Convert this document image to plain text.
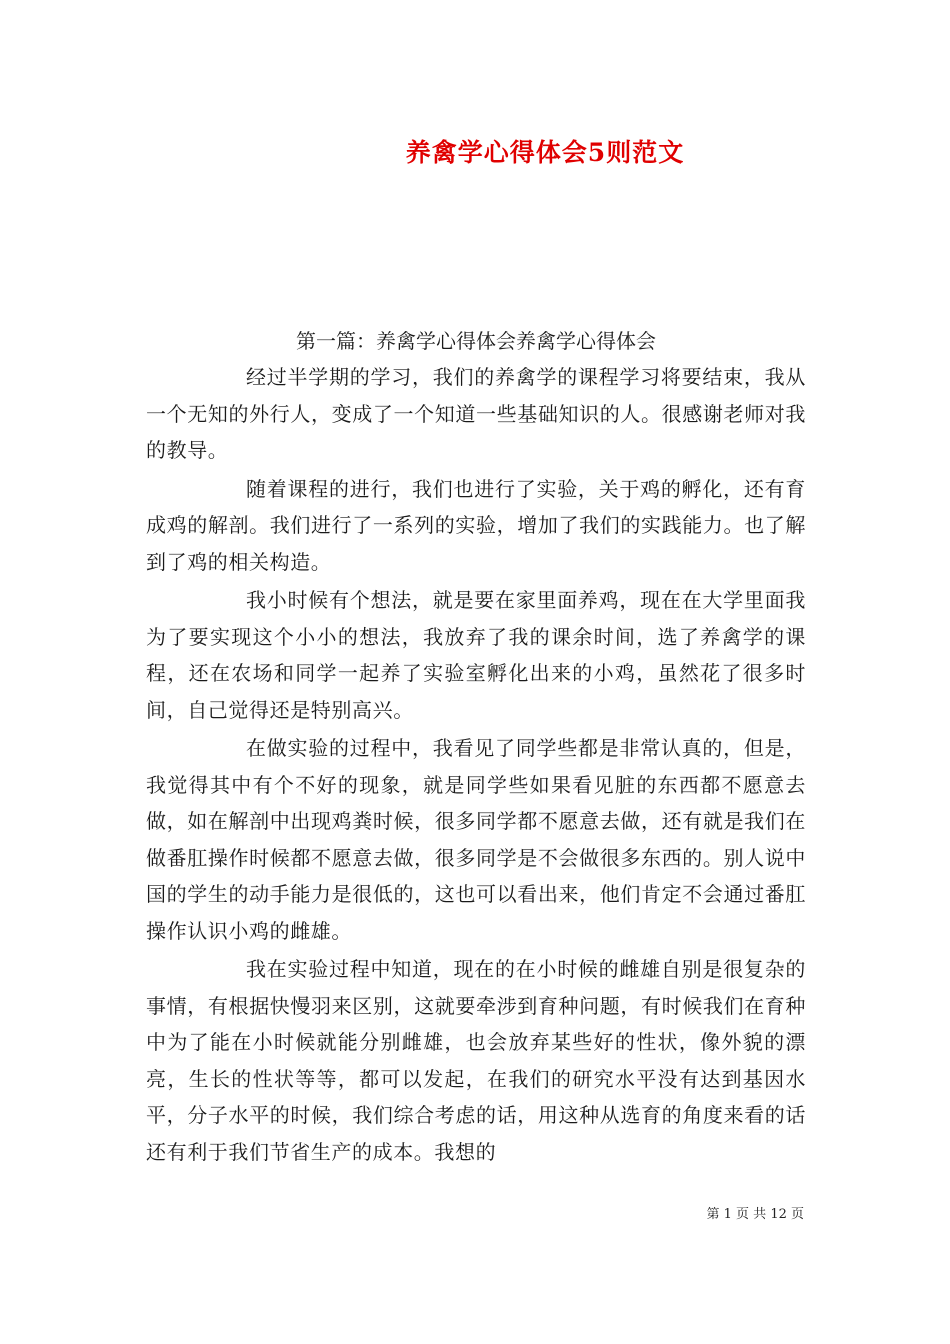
养禽学心得体会5则范文

第一篇：养禽学心得体会养禽学心得体会

经过半学期的学习，我们的养禽学的课程学习将要结束，我从一个无知的外行人，变成了一个知道一些基础知识的人。很感谢老师对我的教导。

随着课程的进行，我们也进行了实验，关于鸡的孵化，还有育成鸡的解剖。我们进行了一系列的实验，增加了我们的实践能力。也了解到了鸡的相关构造。

我小时候有个想法，就是要在家里面养鸡，现在在大学里面我为了要实现这个小小的想法，我放弃了我的课余时间，选了养禽学的课程，还在农场和同学一起养了实验室孵化出来的小鸡，虽然花了很多时间，自己觉得还是特别高兴。

在做实验的过程中，我看见了同学些都是非常认真的，但是，我觉得其中有个不好的现象，就是同学些如果看见脏的东西都不愿意去做，如在解剖中出现鸡粪时候，很多同学都不愿意去做，还有就是我们在做番肛操作时候都不愿意去做，很多同学是不会做很多东西的。别人说中国的学生的动手能力是很低的，这也可以看出来，他们肯定不会通过番肛操作认识小鸡的雌雄。

我在实验过程中知道，现在的在小时候的雌雄自别是很复杂的事情，有根据快慢羽来区别，这就要牵涉到育种问题，有时候我们在育种中为了能在小时候就能分别雌雄，也会放弃某些好的性状，像外貌的漂亮，生长的性状等等，都可以发起，在我们的研究水平没有达到基因水平，分子水平的时候，我们综合考虑的话，用这种从选育的角度来看的话还有利于我们节省生产的成本。我想的

第 1 页 共 12 页
